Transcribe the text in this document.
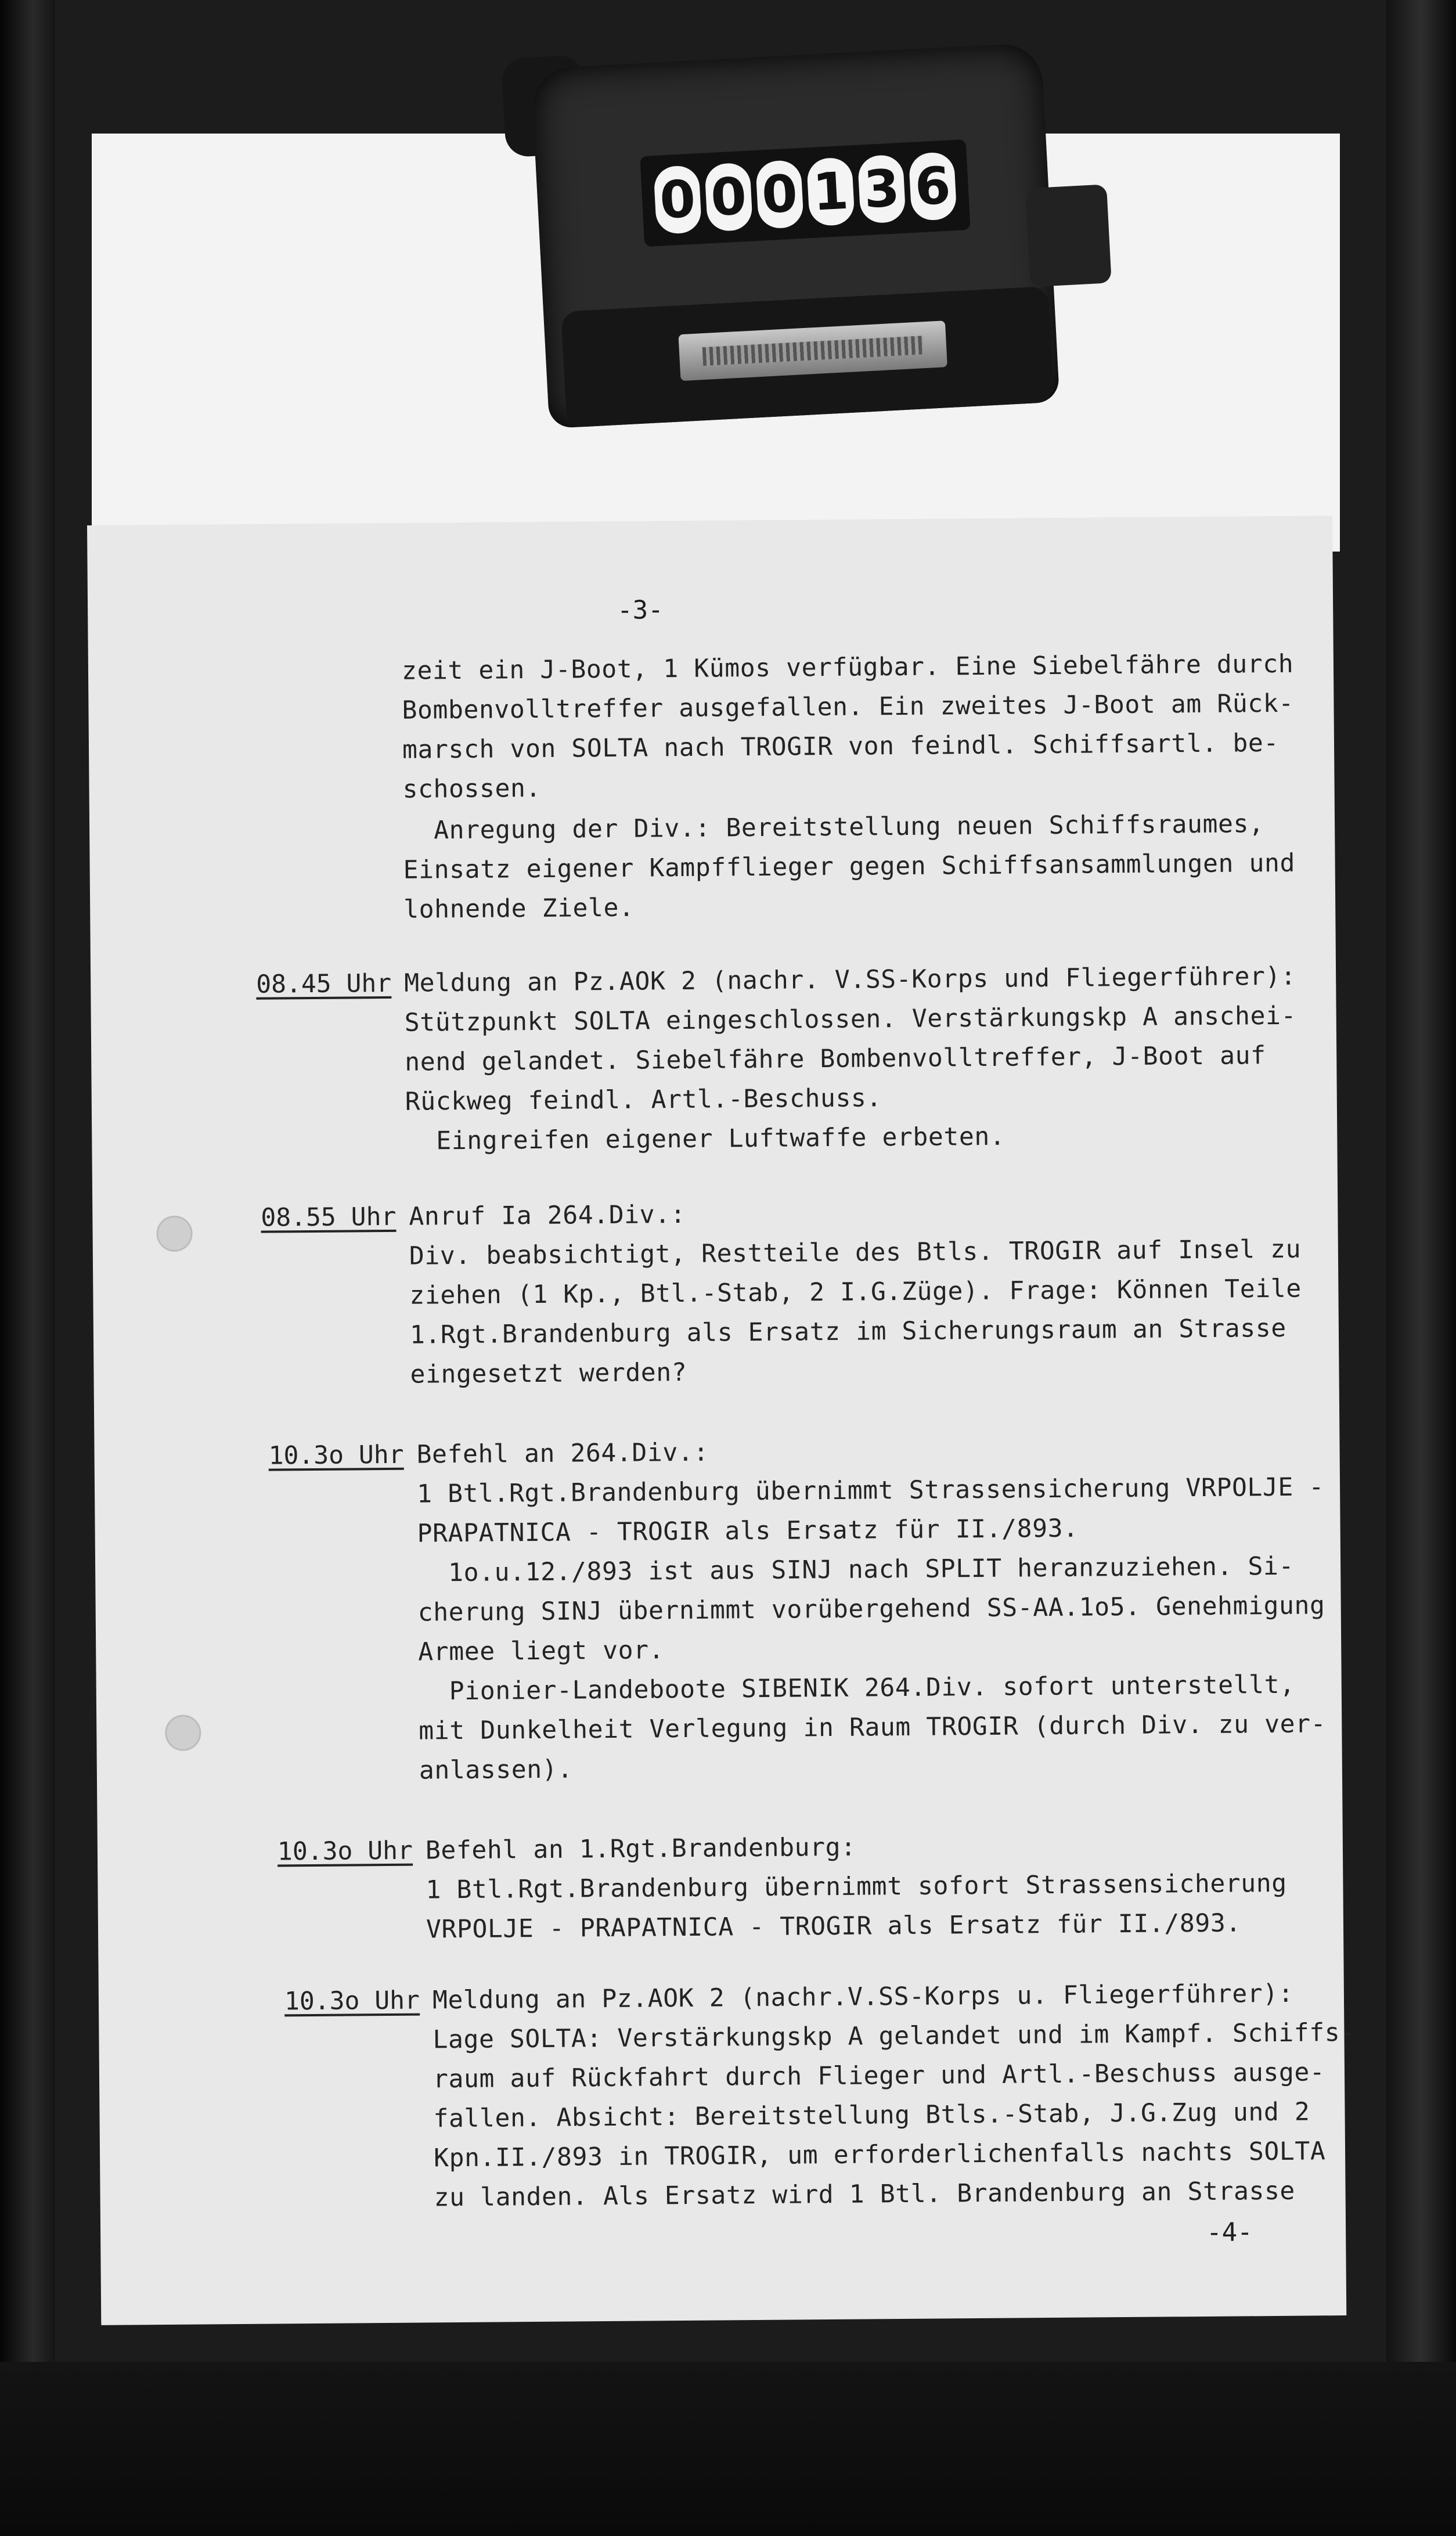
0 0 0 1 3 6
-3-
zeit ein J-Boot, 1 Kümos verfügbar. Eine Siebelfähre durch
Bombenvolltreffer ausgefallen. Ein zweites J-Boot am Rück-
marsch von SOLTA nach TROGIR von feindl. Schiffsartl. be-
schossen.
Anregung der Div.: Bereitstellung neuen Schiffsraumes,
Einsatz eigener Kampfflieger gegen Schiffsansammlungen und
lohnende Ziele.
08.45 Uhr Meldung an Pz.AOK 2 (nachr. V.SS-Korps und Fliegerführer):
Stützpunkt SOLTA eingeschlossen. Verstärkungskp A anschei-
nend gelandet. Siebelfähre Bombenvolltreffer, J-Boot auf
Rückweg feindl. Artl.-Beschuss.
Eingreifen eigener Luftwaffe erbeten.
08.55 Uhr Anruf Ia 264.Div.:
Div. beabsichtigt, Restteile des Btls. TROGIR auf Insel zu
ziehen (1 Kp., Btl.-Stab, 2 I.G.Züge). Frage: Können Teile
1.Rgt.Brandenburg als Ersatz im Sicherungsraum an Strasse
eingesetzt werden?
10.3o Uhr Befehl an 264.Div.:
1 Btl.Rgt.Brandenburg übernimmt Strassensicherung VRPOLJE -
PRAPATNICA - TROGIR als Ersatz für II./893.
1o.u.12./893 ist aus SINJ nach SPLIT heranzuziehen. Si-
cherung SINJ übernimmt vorübergehend SS-AA.1o5. Genehmigung
Armee liegt vor.
Pionier-Landeboote SIBENIK 264.Div. sofort unterstellt,
mit Dunkelheit Verlegung in Raum TROGIR (durch Div. zu ver-
anlassen).
10.3o Uhr Befehl an 1.Rgt.Brandenburg:
1 Btl.Rgt.Brandenburg übernimmt sofort Strassensicherung
VRPOLJE - PRAPATNICA - TROGIR als Ersatz für II./893.
10.3o Uhr Meldung an Pz.AOK 2 (nachr.V.SS-Korps u. Fliegerführer):
Lage SOLTA: Verstärkungskp A gelandet und im Kampf. Schiffs-
raum auf Rückfahrt durch Flieger und Artl.-Beschuss ausge-
fallen. Absicht: Bereitstellung Btls.-Stab, J.G.Zug und 2
Kpn.II./893 in TROGIR, um erforderlichenfalls nachts SOLTA
zu landen. Als Ersatz wird 1 Btl. Brandenburg an Strasse
-4-
